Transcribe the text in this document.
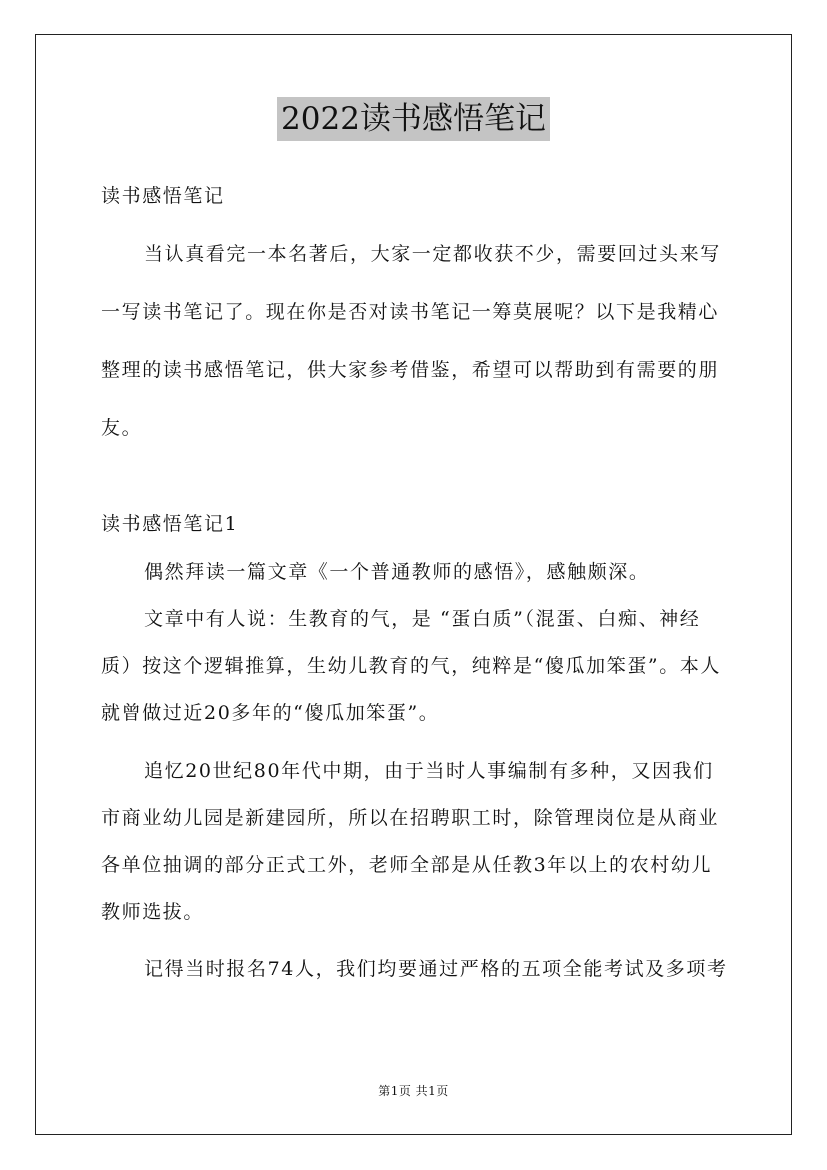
2022读书感悟笔记
读书感悟笔记
当认真看完一本名著后，大家一定都收获不少，需要回过头来写
一写读书笔记了。现在你是否对读书笔记一筹莫展呢？以下是我精心
整理的读书感悟笔记，供大家参考借鉴，希望可以帮助到有需要的朋
友。
读书感悟笔记1
偶然拜读一篇文章《一个普通教师的感悟》，感触颇深。
文章中有人说：生教育的气，是 “蛋白质”（混蛋、白痴、神经
质）按这个逻辑推算，生幼儿教育的气，纯粹是“傻瓜加笨蛋”。本人
就曾做过近20多年的“傻瓜加笨蛋”。
追忆20世纪80年代中期，由于当时人事编制有多种，又因我们
市商业幼儿园是新建园所，所以在招聘职工时，除管理岗位是从商业
各单位抽调的部分正式工外，老师全部是从任教3年以上的农村幼儿
教师选拔。
记得当时报名74人，我们均要通过严格的五项全能考试及多项考
第1页 共1页
